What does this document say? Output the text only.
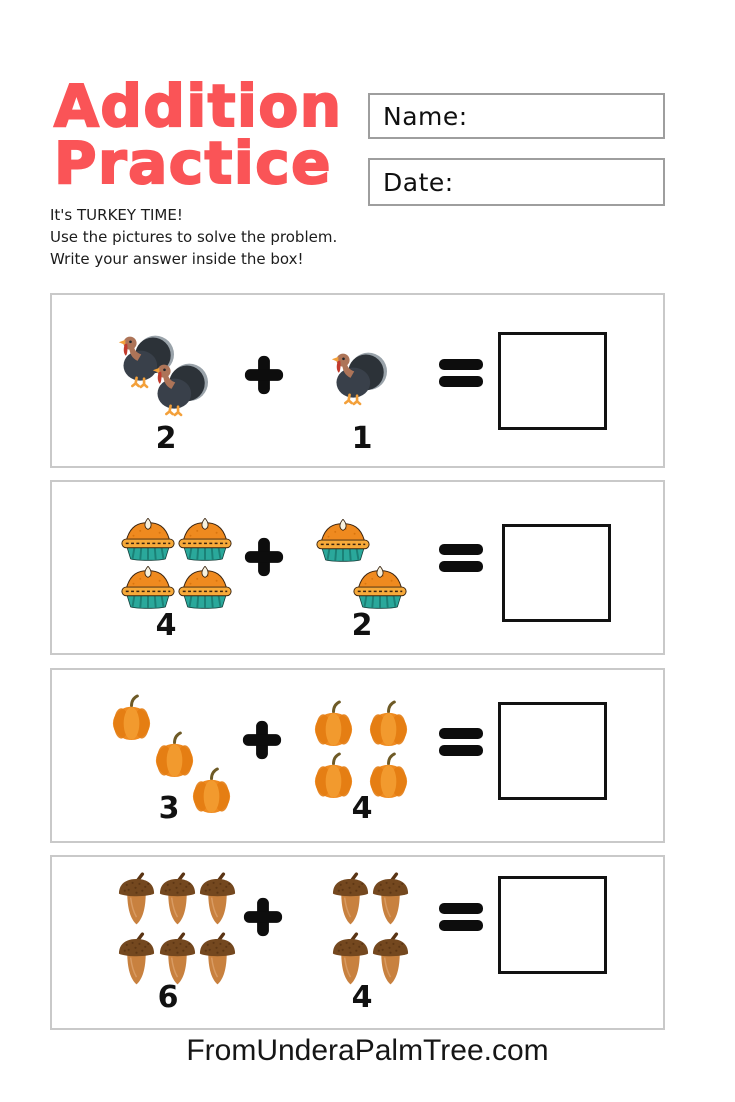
Addition
Practice
Name:
Date:

It's TURKEY TIME!

Use the pictures to solve the problem.

Write your answer inside the box!

2	1
4	2
3	4
6	4
FromUnderaPalmTree.com
